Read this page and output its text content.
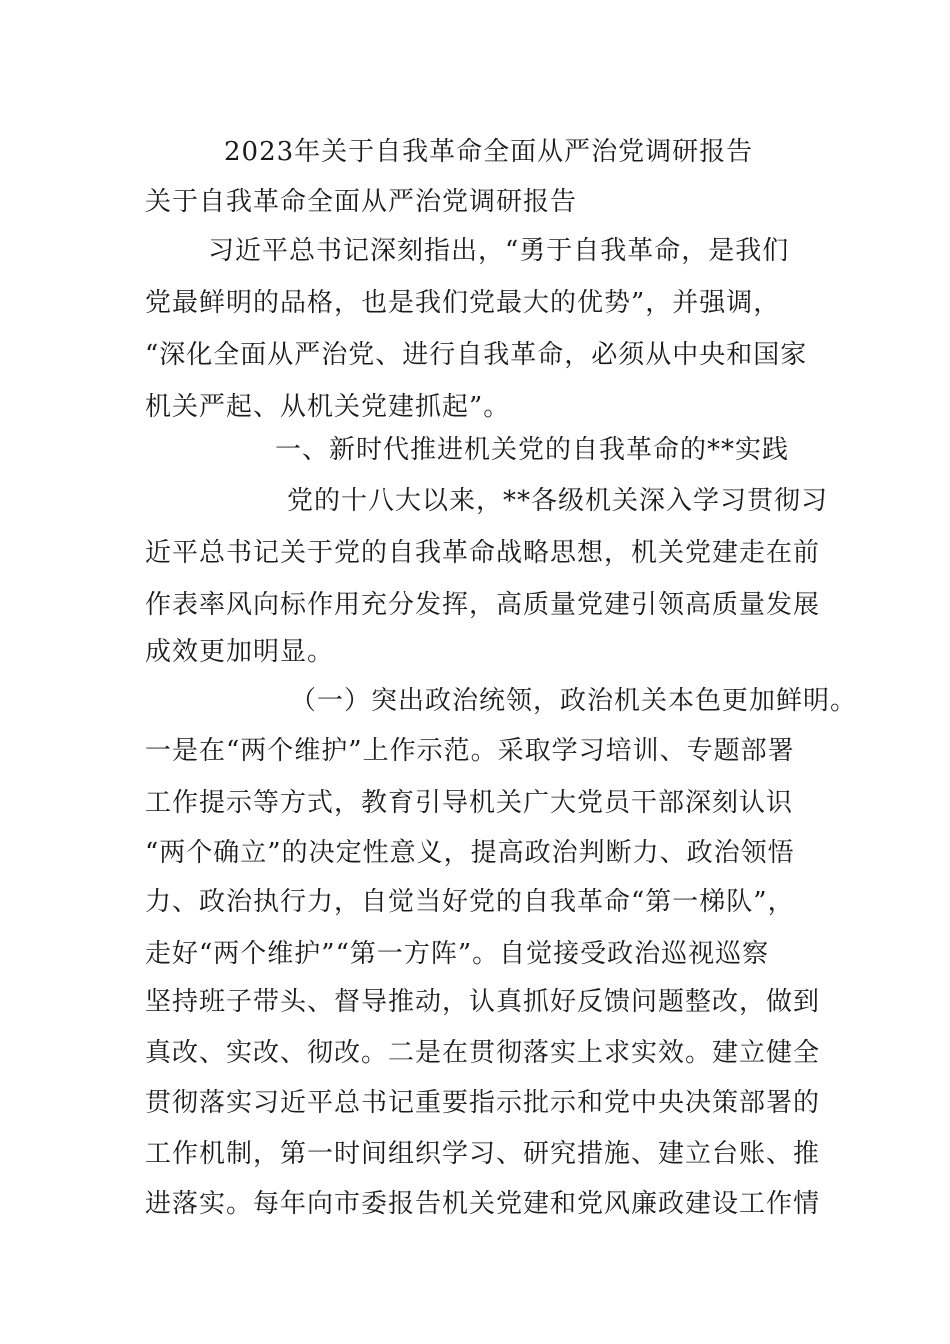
2023年关于自我革命全面从严治党调研报告
关于自我革命全面从严治党调研报告
习近平总书记深刻指出，“勇于自我革命，是我们
党最鲜明的品格，也是我们党最大的优势”，并强调，
“深化全面从严治党、进行自我革命，必须从中央和国家
机关严起、从机关党建抓起”。
一、新时代推进机关党的自我革命的**实践
党的十八大以来，**各级机关深入学习贯彻习
近平总书记关于党的自我革命战略思想，机关党建走在前
作表率风向标作用充分发挥，高质量党建引领高质量发展
成效更加明显。
（一）突出政治统领，政治机关本色更加鲜明。
一是在“两个维护”上作示范。采取学习培训、专题部署
工作提示等方式，教育引导机关广大党员干部深刻认识
“两个确立”的决定性意义，提高政治判断力、政治领悟
力、政治执行力，自觉当好党的自我革命“第一梯队”，
走好“两个维护”“第一方阵”。自觉接受政治巡视巡察
坚持班子带头、督导推动，认真抓好反馈问题整改，做到
真改、实改、彻改。二是在贯彻落实上求实效。建立健全
贯彻落实习近平总书记重要指示批示和党中央决策部署的
工作机制，第一时间组织学习、研究措施、建立台账、推
进落实。每年向市委报告机关党建和党风廉政建设工作情
